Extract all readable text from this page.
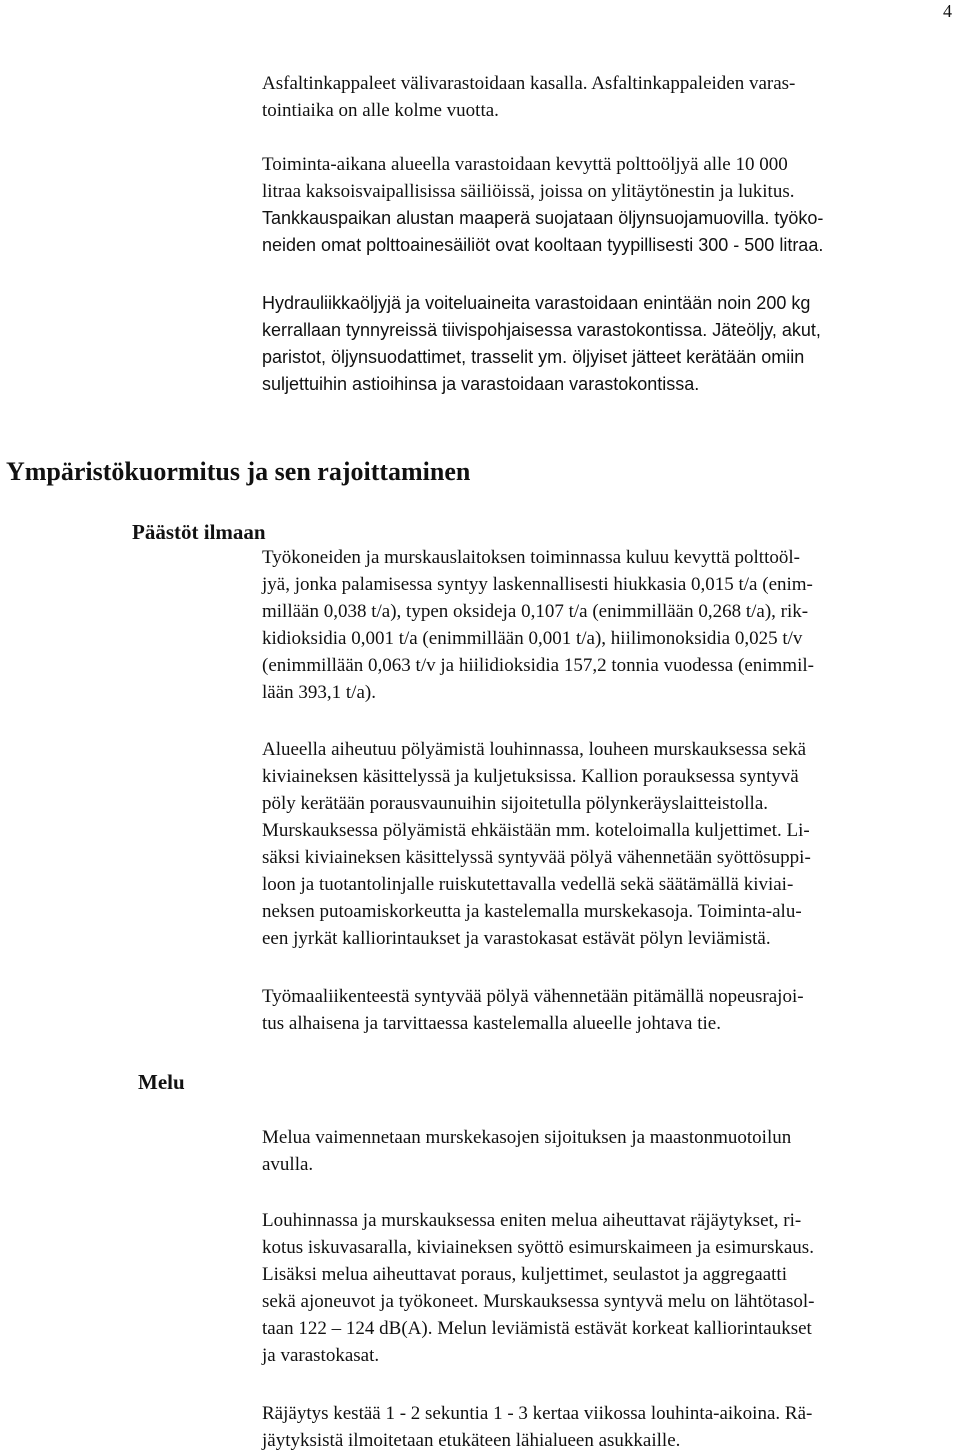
4
Asfaltinkappaleet välivarastoidaan kasalla. Asfaltinkappaleiden varas-
tointiaika on alle kolme vuotta.
Toiminta-aikana alueella varastoidaan kevyttä polttoöljyä alle 10 000
litraa kaksoisvaipallisissa säiliöissä, joissa on ylitäytönestin ja lukitus.
Tankkauspaikan alustan maaperä suojataan öljynsuojamuovilla. työko-
neiden omat polttoainesäiliöt ovat kooltaan tyypillisesti 300 - 500 litraa.
Hydrauliikkaöljyjä ja voiteluaineita varastoidaan enintään noin 200 kg
kerrallaan tynnyreissä tiivispohjaisessa varastokontissa. Jäteöljy, akut,
paristot, öljynsuodattimet, trasselit ym. öljyiset jätteet kerätään omiin
suljettuihin astioihinsa ja varastoidaan varastokontissa.
Ympäristökuormitus ja sen rajoittaminen
Päästöt ilmaan
Työkoneiden ja murskauslaitoksen toiminnassa kuluu kevyttä polttoöl-
jyä, jonka palamisessa syntyy laskennallisesti hiukkasia 0,015 t/a (enim-
millään 0,038 t/a), typen oksideja 0,107 t/a (enimmillään 0,268 t/a), rik-
kidioksidia 0,001 t/a (enimmillään 0,001 t/a), hiilimonoksidia 0,025 t/v
(enimmillään 0,063 t/v ja hiilidioksidia 157,2 tonnia vuodessa (enimmil-
lään 393,1 t/a).
Alueella aiheutuu pölyämistä louhinnassa, louheen murskauksessa sekä
kiviaineksen käsittelyssä ja kuljetuksissa. Kallion porauksessa syntyvä
pöly kerätään porausvaunuihin sijoitetulla pölynkeräyslaitteistolla.
Murskauksessa pölyämistä ehkäistään mm. koteloimalla kuljettimet. Li-
säksi kiviaineksen käsittelyssä syntyvää pölyä vähennetään syöttösuppi-
loon ja tuotantolinjalle ruiskutettavalla vedellä sekä säätämällä kiviai-
neksen putoamiskorkeutta ja kastelemalla murskekasoja. Toiminta-alu-
een jyrkät kalliorintaukset ja varastokasat estävät pölyn leviämistä.
Työmaaliikenteestä syntyvää pölyä vähennetään pitämällä nopeusrajoi-
tus alhaisena ja tarvittaessa kastelemalla alueelle johtava tie.
Melu
Melua vaimennetaan murskekasojen sijoituksen ja maastonmuotoilun
avulla.
Louhinnassa ja murskauksessa eniten melua aiheuttavat räjäytykset, ri-
kotus iskuvasaralla, kiviaineksen syöttö esimurskaimeen ja esimurskaus.
Lisäksi melua aiheuttavat poraus, kuljettimet, seulastot ja aggregaatti
sekä ajoneuvot ja työkoneet. Murskauksessa syntyvä melu on lähtötasol-
taan 122 – 124 dB(A). Melun leviämistä estävät korkeat kalliorintaukset
ja varastokasat.
Räjäytys kestää 1 - 2 sekuntia 1 - 3 kertaa viikossa louhinta-aikoina. Rä-
jäytyksistä ilmoitetaan etukäteen lähialueen asukkaille.
